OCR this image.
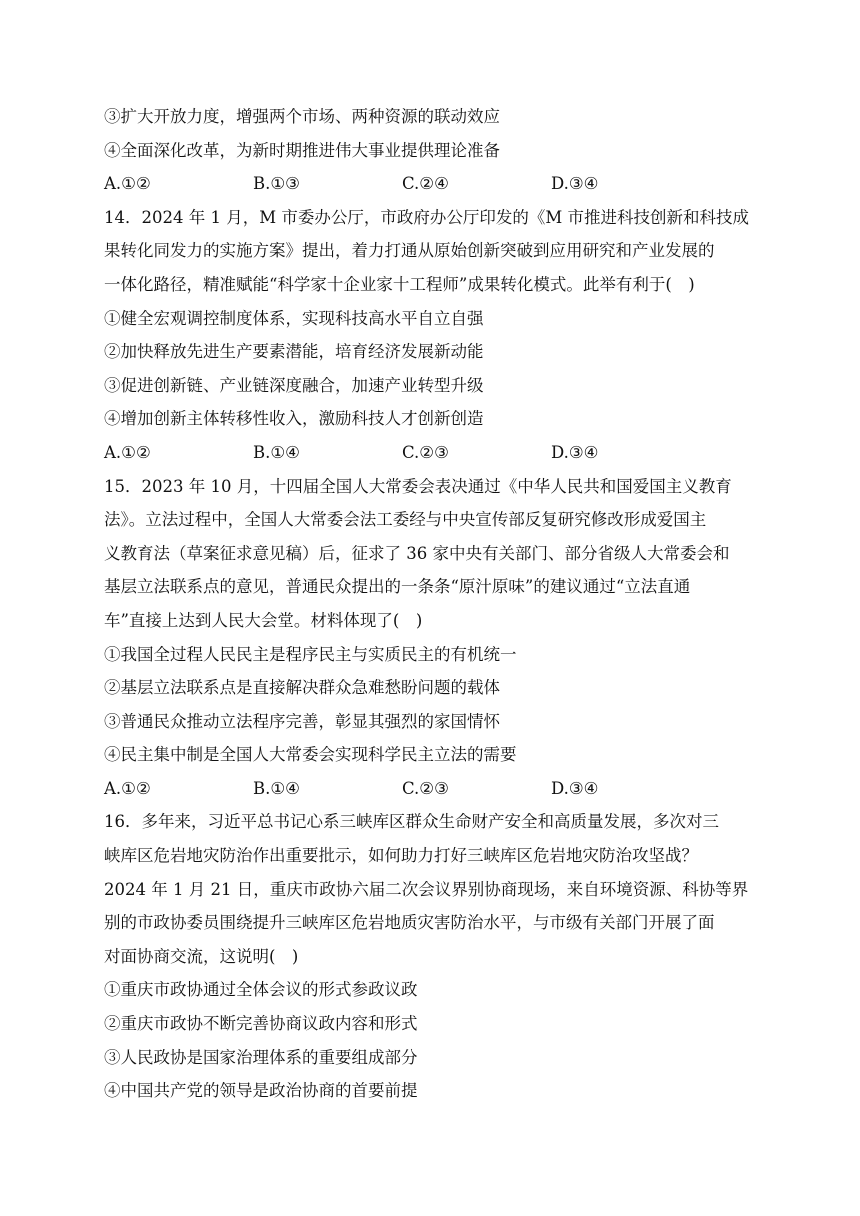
③扩大开放力度，增强两个市场、两种资源的联动效应
④全面深化改革，为新时期推进伟大事业提供理论准备
A.①②	B.①③	C.②④	D.③④
14．2024 年 1 月，M 市委办公厅，市政府办公厅印发的《M 市推进科技创新和科技成
果转化同发力的实施方案》提出，着力打通从原始创新突破到应用研究和产业发展的
一体化路径，精准赋能“科学家十企业家十工程师”成果转化模式。此举有利于(　)
①健全宏观调控制度体系，实现科技高水平自立自强
②加快释放先进生产要素潜能，培育经济发展新动能
③促进创新链、产业链深度融合，加速产业转型升级
④增加创新主体转移性收入，激励科技人才创新创造
A.①②	B.①④	C.②③	D.③④
15．2023 年 10 月，十四届全国人大常委会表决通过《中华人民共和国爱国主义教育
法》。立法过程中，全国人大常委会法工委经与中央宣传部反复研究修改形成爱国主
义教育法（草案征求意见稿）后，征求了 36 家中央有关部门、部分省级人大常委会和
基层立法联系点的意见，普通民众提出的一条条“原汁原味”的建议通过“立法直通
车”直接上达到人民大会堂。材料体现了(　)
①我国全过程人民民主是程序民主与实质民主的有机统一
②基层立法联系点是直接解决群众急难愁盼问题的载体
③普通民众推动立法程序完善，彰显其强烈的家国情怀
④民主集中制是全国人大常委会实现科学民主立法的需要
A.①②	B.①④	C.②③	D.③④
16．多年来，习近平总书记心系三峡库区群众生命财产安全和高质量发展，多次对三
峡库区危岩地灾防治作出重要批示，如何助力打好三峡库区危岩地灾防治攻坚战？
2024 年 1 月 21 日，重庆市政协六届二次会议界别协商现场，来自环境资源、科协等界
别的市政协委员围绕提升三峡库区危岩地质灾害防治水平，与市级有关部门开展了面
对面协商交流，这说明(　)
①重庆市政协通过全体会议的形式参政议政
②重庆市政协不断完善协商议政内容和形式
③人民政协是国家治理体系的重要组成部分
④中国共产党的领导是政治协商的首要前提
